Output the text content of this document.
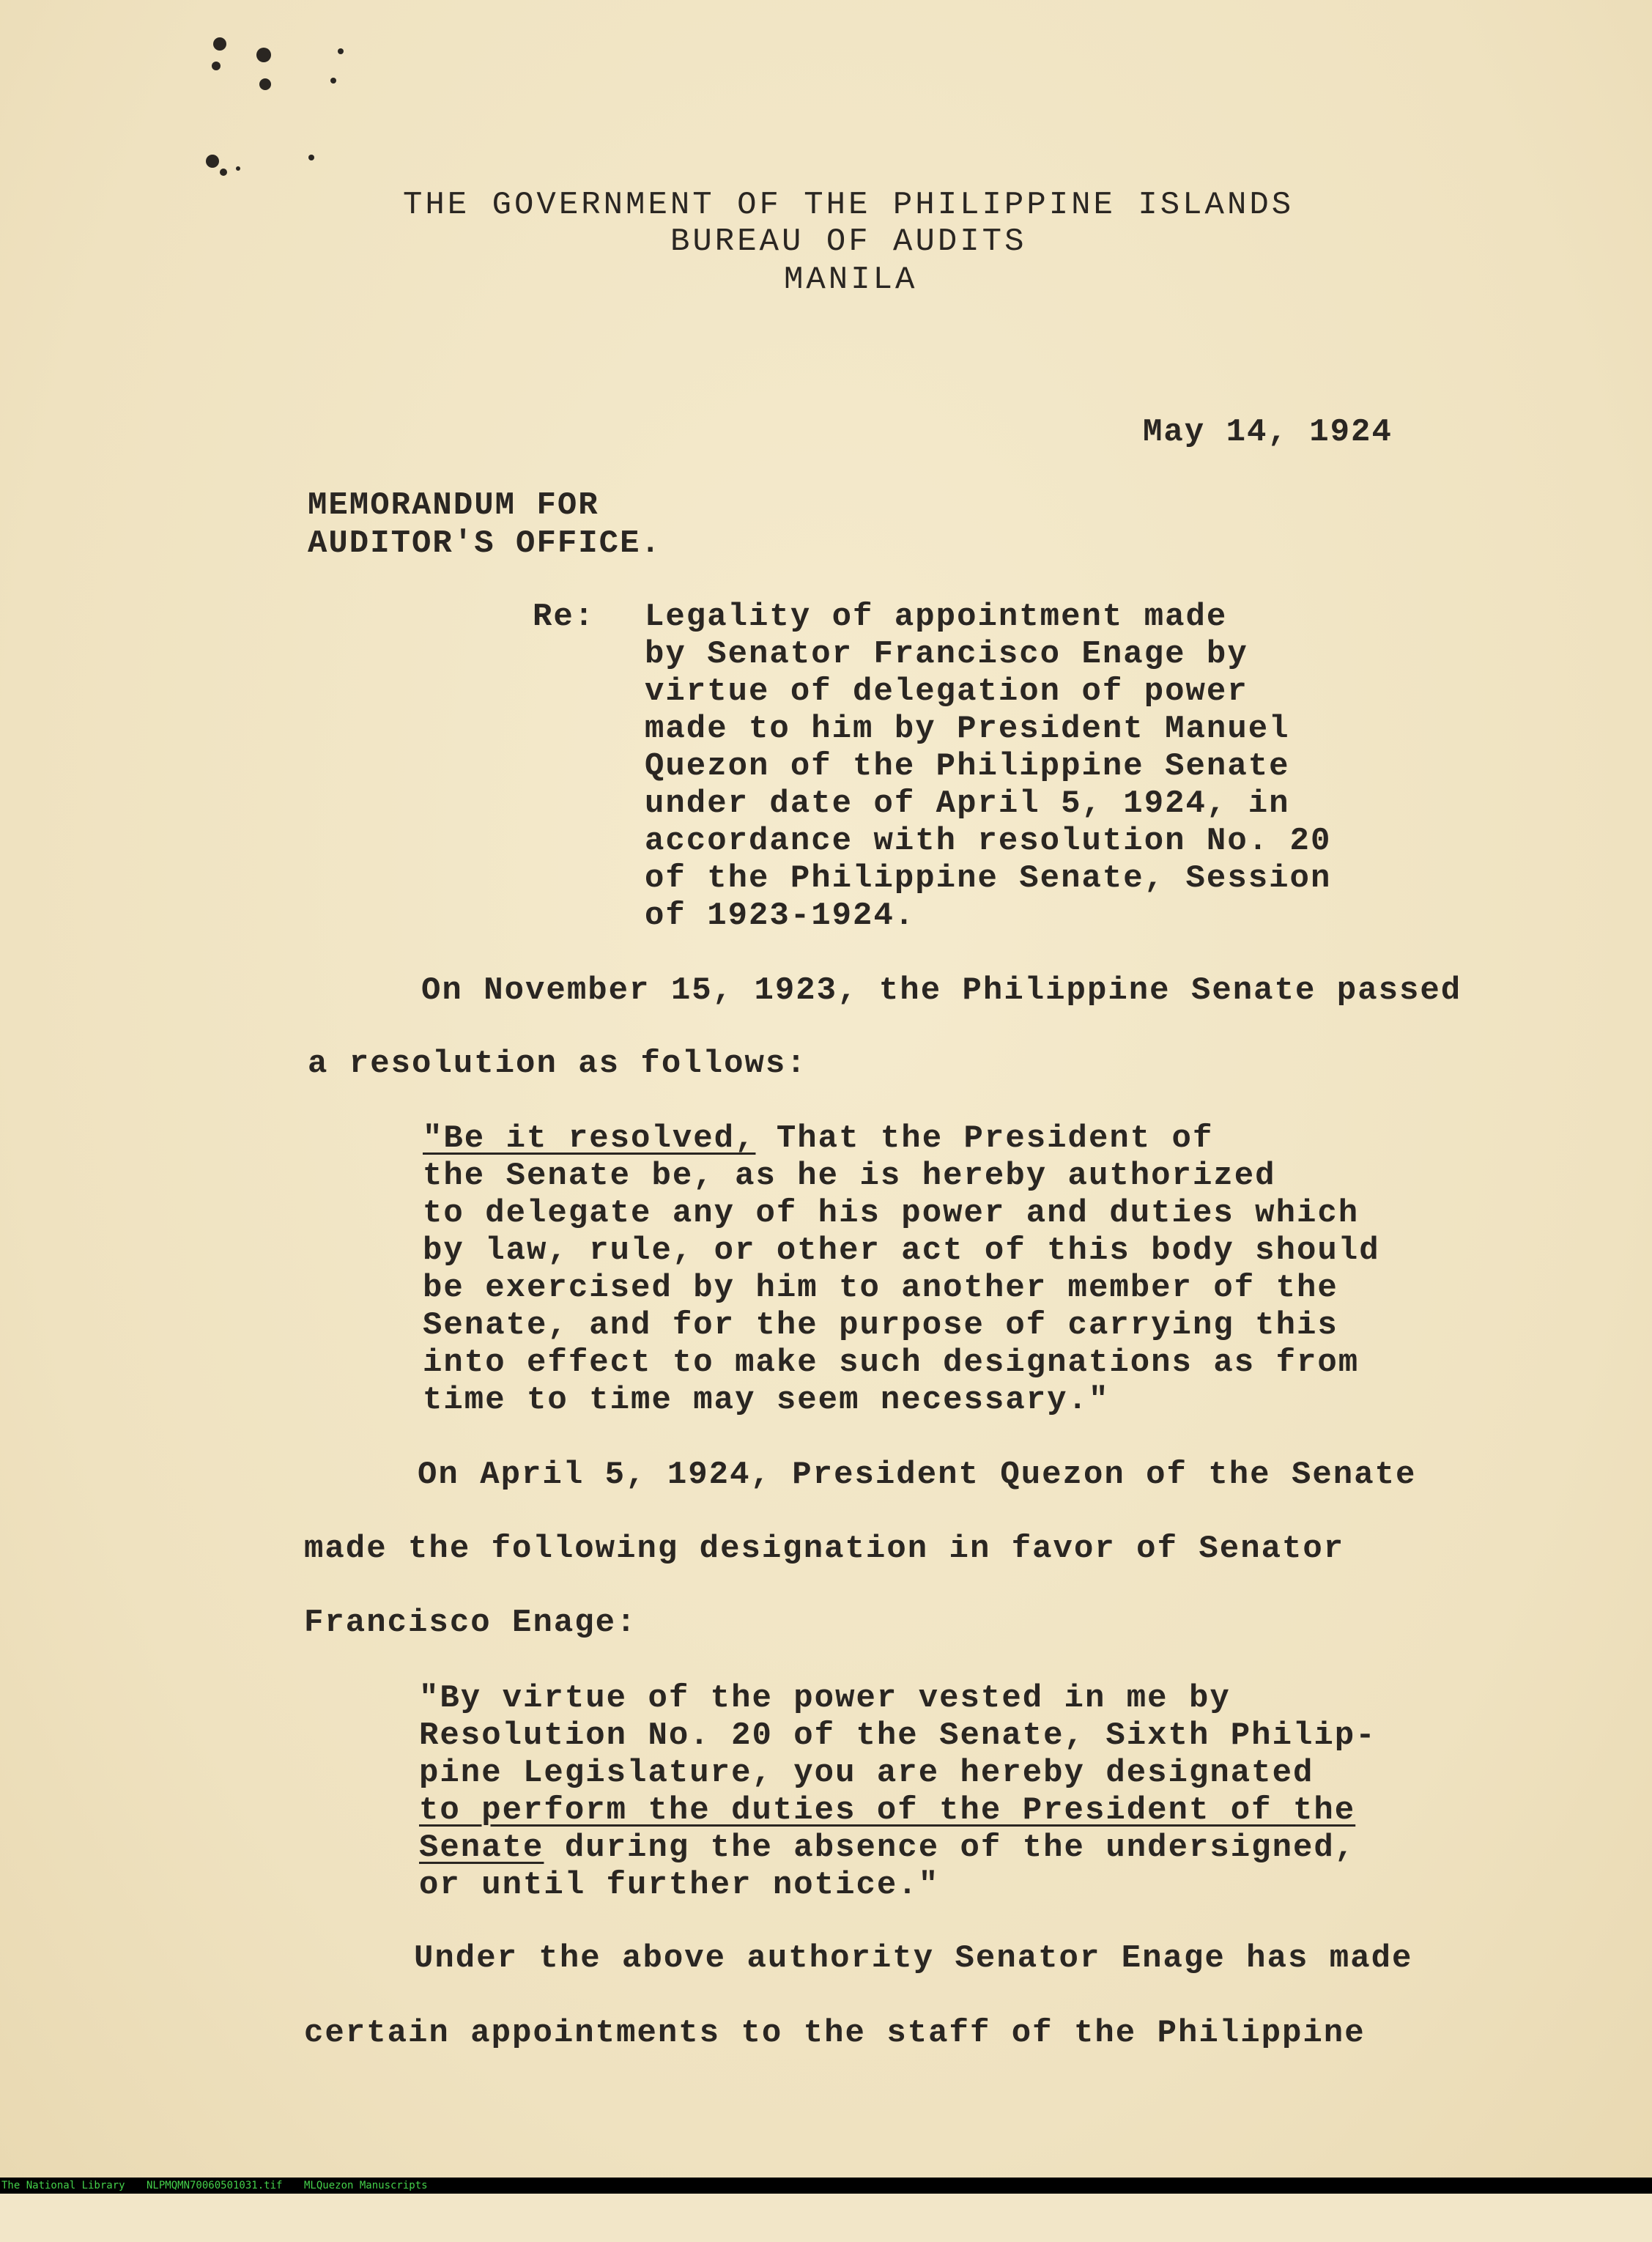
THE GOVERNMENT OF THE PHILIPPINE ISLANDS
BUREAU OF AUDITS
MANILA
May 14, 1924
MEMORANDUM FOR
AUDITOR'S OFFICE.
Re: Legality of appointment made
by Senator Francisco Enage by
virtue of delegation of power
made to him by President Manuel
Quezon of the Philippine Senate
under date of April 5, 1924, in
accordance with resolution No. 20
of the Philippine Senate, Session
of 1923-1924.
On November 15, 1923, the Philippine Senate passed
a resolution as follows:
"Be it resolved, That the President of
the Senate be, as he is hereby authorized
to delegate any of his power and duties which
by law, rule, or other act of this body should
be exercised by him to another member of the
Senate, and for the purpose of carrying this
into effect to make such designations as from
time to time may seem necessary."
On April 5, 1924, President Quezon of the Senate
made the following designation in favor of Senator
Francisco Enage:
"By virtue of the power vested in me by
Resolution No. 20 of the Senate, Sixth Philip-
pine Legislature, you are hereby designated
to perform the duties of the President of the
Senate during the absence of the undersigned,
or until further notice."
Under the above authority Senator Enage has made
certain appointments to the staff of the Philippine

The National Library

NLPMQMN70060501031.tif

MLQuezon Manuscripts
